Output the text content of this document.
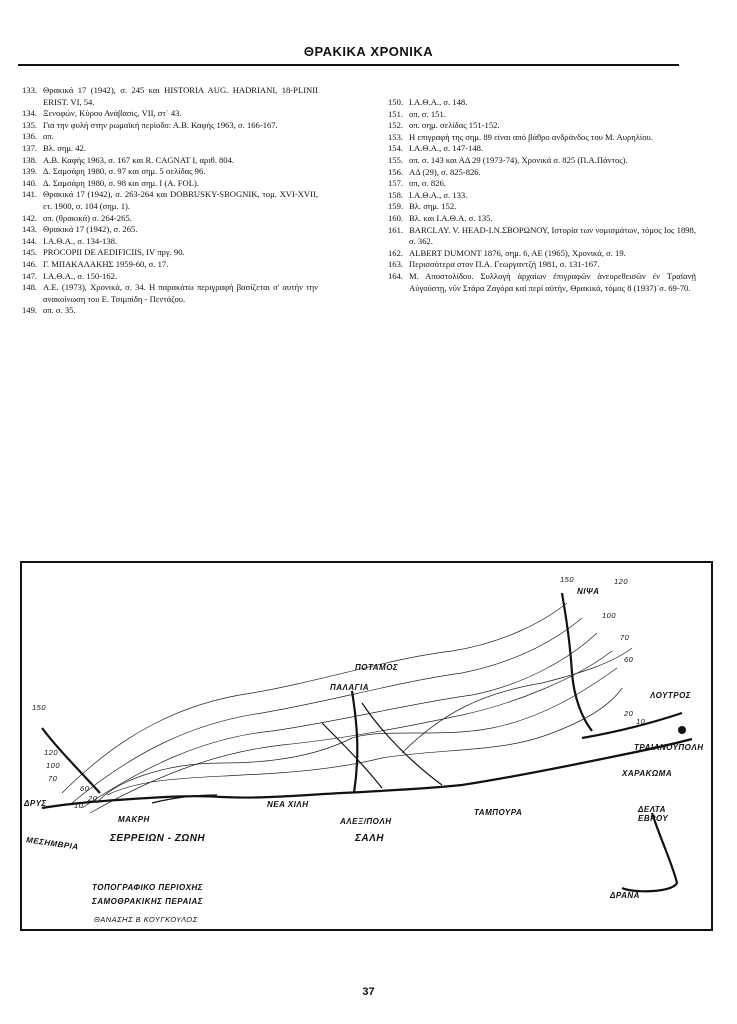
ΘΡΑΚΙΚΑ ΧΡΟΝΙΚΑ
133. Θρακικά 17 (1942), σ. 245 και HISTORIA AUG. HADRIANI, 18-PLINII ERIST. VI, 54.
134. Ξενοφών, Κύρου Ανάβασις, VII, στ΄ 43.
135. Για την φυλή στην ρωμαϊκή περίοδο: Α.Β. Καφής 1963, σ. 166-167.
136. οπ.
137. Βλ. σημ. 42.
138. Α.Β. Καφής 1963, σ. 167 και R. CAGNAT I, αριθ. 804.
139. Δ. Σαμσάρη 1980, σ. 97 και σημ. 5 σελίδας 96.
140. Δ. Σαμσάρη 1980, σ. 98 και σημ. I (A. FOL).
141. Θρακικά 17 (1942), σ. 263-264 και DOBRUSKY-SBOGNIK, τομ. XVI-XVII, ετ. 1900, σ. 104 (σημ. 1).
142. οπ. (θρακικά) σ. 264-265.
143. Θρακικά 17 (1942), σ. 265.
144. Ι.Α.Θ.Α., σ. 134-138.
145. PROCOPII DE AEDIFICIIS, IV πργ. 90.
146. Γ. ΜΠΑΚΑΛΑΚΗΣ 1959-60, σ. 17.
147. Ι.Α.Θ.Α., σ. 150-162.
148. Α.Ε. (1973), Χρονικά, σ. 34. Η παρακάτω περιγραφή βασίζεται σ' αυτήν την ανακοίνωση του Ε. Τσιμπίδη - Πεντάζου.
149. οπ. σ. 35.
150. Ι.Α.Θ.Α., σ. 148.
151. οπ. σ. 151.
152. οπ. σημ. σελίδας 151-152.
153. Η επιγραφή της σημ. 89 είναι από βάθρο ανδράνδος του Μ. Αυρηλίου.
154. Ι.Α.Θ.Α., σ. 147-148.
155. οπ. σ. 143 και ΑΔ 29 (1973-74), Χρονικά σ. 825 (Π.Α.Πάντος).
156. ΑΔ (29), σ. 825-826.
157. οπ, σ. 826.
158. Ι.Α.Θ.Α., σ. 133.
159. Βλ. σημ. 152.
160. Βλ. και Ι.Α.Θ.Α. σ. 135.
161. BARCLAY. V. HEAD-I.N.ΣΒΟΡΩΝΟΥ, Ιστορία των νομισμάτων, τόμος Ιος 1898, σ. 362.
162. ALBERT DUMONT 1876, σημ. 6, ΑΕ (1965), Χρονικά, σ. 19.
163. Περισσότερα στον Π.Α. Γεωργαντζή 1981, σ. 131-167.
164. Μ. Αποστολίδου. Συλλογή ἀρχαίων ἐπιγραφῶν ἀνευρεθεισῶν ἐν Τραϊανῇ Αὐγούστῃ, νῦν Στάρα Ζαγόρα καί περί αὐτήν, Θρακικά, τόμος 8 (1937)΄σ. 69-70.
ΠΟΤΑΜΟΣ
ΠΑΛΑΓΙΑ
ΝΙΨΑ
ΛΟΥΤΡΟΣ
ΤΡΑΙΑΝΟΥΠΟΛΗ
ΧΑΡΑΚΩΜΑ
ΔΕΛΤΑ ΕΒΡΟΥ
ΔΡΑΝΑ
ΤΑΜΠΟΥΡΑ
ΑΛΕΞ/ΠΟΛΗ
ΣΑΛΗ
ΝΕΑ ΧΙΛΗ
ΜΑΚΡΗ
ΣΕΡΡΕΙΩΝ - ΖΩΝΗ
ΔΡΥΣ
ΜΕΣΗΜΒΡΙΑ
150
120
100
70
60
20
10
150	120
100
70
60
20
10
ΤΟΠΟΓΡΑΦΙΚΟ ΠΕΡΙΟΧΗΣ
ΣΑΜΟΘΡΑΚΙΚΗΣ ΠΕΡΑΙΑΣ
ΘΑΝΑΣΗΣ Β ΚΟΥΓΚΟΥΛΟΣ
37
